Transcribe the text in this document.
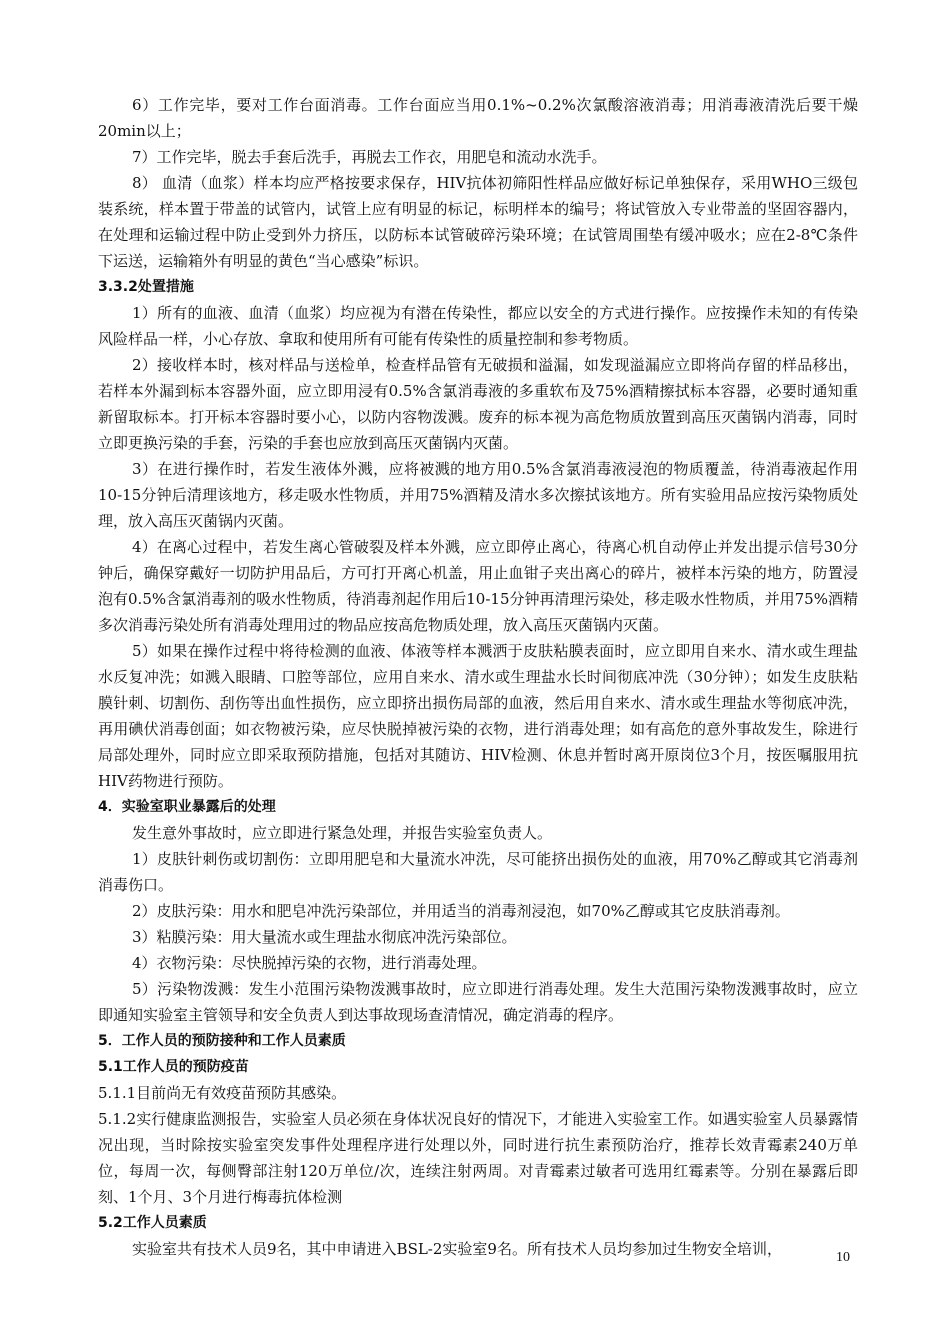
6）工作完毕，要对工作台面消毒。工作台面应当用0.1%~0.2%次氯酸溶液消毒；用消毒液清洗后要干燥20min以上；

7）工作完毕，脱去手套后洗手，再脱去工作衣，用肥皂和流动水洗手。

8） 血清（血浆）样本均应严格按要求保存，HIV抗体初筛阳性样品应做好标记单独保存，采用WHO三级包装系统，样本置于带盖的试管内，试管上应有明显的标记，标明样本的编号；将试管放入专业带盖的坚固容器内，在处理和运输过程中防止受到外力挤压，以防标本试管破碎污染环境；在试管周围垫有缓冲吸水；应在2-8℃条件下运送，运输箱外有明显的黄色“当心感染”标识。

3.3.2处置措施

1）所有的血液、血清（血浆）均应视为有潜在传染性，都应以安全的方式进行操作。应按操作未知的有传染风险样品一样，小心存放、拿取和使用所有可能有传染性的质量控制和参考物质。

2）接收样本时，核对样品与送检单，检查样品管有无破损和溢漏，如发现溢漏应立即将尚存留的样品移出，若样本外漏到标本容器外面，应立即用浸有0.5%含氯消毒液的多重软布及75%酒精擦拭标本容器，必要时通知重新留取标本。打开标本容器时要小心，以防内容物泼溅。废弃的标本视为高危物质放置到高压灭菌锅内消毒，同时立即更换污染的手套，污染的手套也应放到高压灭菌锅内灭菌。

3）在进行操作时，若发生液体外溅，应将被溅的地方用0.5%含氯消毒液浸泡的物质覆盖，待消毒液起作用10-15分钟后清理该地方，移走吸水性物质，并用75%酒精及清水多次擦拭该地方。所有实验用品应按污染物质处理，放入高压灭菌锅内灭菌。

4）在离心过程中，若发生离心管破裂及样本外溅，应立即停止离心，待离心机自动停止并发出提示信号30分钟后，确保穿戴好一切防护用品后，方可打开离心机盖，用止血钳子夹出离心的碎片，被样本污染的地方，防置浸泡有0.5%含氯消毒剂的吸水性物质，待消毒剂起作用后10-15分钟再清理污染处，移走吸水性物质，并用75%酒精多次消毒污染处所有消毒处理用过的物品应按高危物质处理，放入高压灭菌锅内灭菌。

5）如果在操作过程中将待检测的血液、体液等样本溅洒于皮肤粘膜表面时，应立即用自来水、清水或生理盐水反复冲洗；如溅入眼睛、口腔等部位，应用自来水、清水或生理盐水长时间彻底冲洗（30分钟）；如发生皮肤粘膜针刺、切割伤、刮伤等出血性损伤，应立即挤出损伤局部的血液，然后用自来水、清水或生理盐水等彻底冲洗，再用碘伏消毒创面；如衣物被污染，应尽快脱掉被污染的衣物，进行消毒处理；如有高危的意外事故发生，除进行局部处理外，同时应立即采取预防措施，包括对其随访、HIV检测、休息并暂时离开原岗位3个月，按医嘱服用抗HIV药物进行预防。

4．实验室职业暴露后的处理

发生意外事故时，应立即进行紧急处理，并报告实验室负责人。

1）皮肤针刺伤或切割伤：立即用肥皂和大量流水冲洗，尽可能挤出损伤处的血液，用70%乙醇或其它消毒剂消毒伤口。

2）皮肤污染：用水和肥皂冲洗污染部位，并用适当的消毒剂浸泡，如70%乙醇或其它皮肤消毒剂。

3）粘膜污染：用大量流水或生理盐水彻底冲洗污染部位。

4）衣物污染：尽快脱掉污染的衣物，进行消毒处理。

5）污染物泼溅：发生小范围污染物泼溅事故时，应立即进行消毒处理。发生大范围污染物泼溅事故时，应立即通知实验室主管领导和安全负责人到达事故现场查清情况，确定消毒的程序。

5．工作人员的预防接种和工作人员素质

5.1工作人员的预防疫苗

5.1.1目前尚无有效疫苗预防其感染。

5.1.2实行健康监测报告，实验室人员必须在身体状况良好的情况下，才能进入实验室工作。如遇实验室人员暴露情况出现，当时除按实验室突发事件处理程序进行处理以外，同时进行抗生素预防治疗，推荐长效青霉素240万单位，每周一次，每侧臀部注射120万单位/次，连续注射两周。对青霉素过敏者可选用红霉素等。分别在暴露后即刻、1个月、3个月进行梅毒抗体检测

5.2工作人员素质

实验室共有技术人员9名，其中申请进入BSL-2实验室9名。所有技术人员均参加过生物安全培训，	10
